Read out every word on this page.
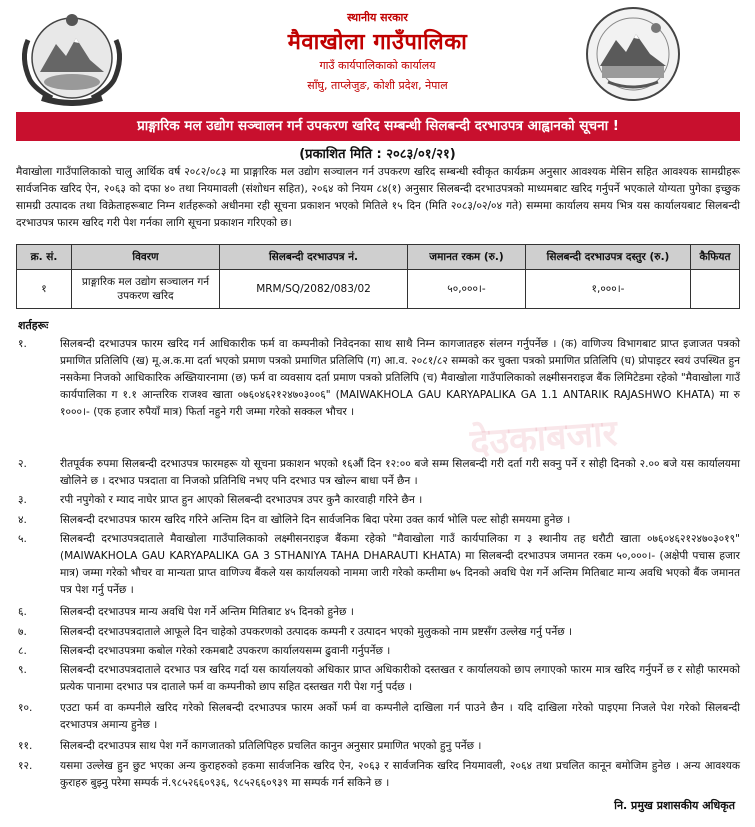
स्थानीय सरकार
मैवाखोला गाउँपालिका
गाउँ कार्यपालिकाको कार्यालय
साँघु, ताप्लेजुङ, कोशी प्रदेश, नेपाल
प्राङ्गारिक मल उद्योग सञ्चालन गर्न उपकरण खरिद सम्बन्धी सिलबन्दी दरभाउपत्र आह्वानको सूचना !
(प्रकाशित मिति : २०८३/०१/२१)
मैवाखोला गाउँपालिकाको चालु आर्थिक वर्ष २०८२/०८३ मा प्राङ्गारिक मल उद्योग सञ्चालन गर्न उपकरण खरिद सम्बन्धी स्वीकृत कार्यक्रम अनुसार आवश्यक मेसिन सहित आवश्यक सामग्रीहरू सार्वजनिक खरिद ऐन, २०६३ को दफा ४० तथा नियमावली (संशोधन सहित), २०६४ को नियम ८४(१) अनुसार सिलबन्दी दरभाउपत्रको माध्यमबाट खरिद गर्नुपर्ने भएकाले योग्यता पुगेका इच्छुक सामग्री उत्पादक तथा विक्रेताहरूबाट निम्न शर्तहरूको अधीनमा रही सूचना प्रकाशन भएको मितिले १५ दिन (मिति २०८३/०२/०४ गते) सम्ममा कार्यालय समय भित्र यस कार्यालयबाट सिलबन्दी दरभाउपत्र फारम खरिद गरी पेश गर्नका लागि सूचना प्रकाशन गरिएको छ।
क्र. सं.	विवरण	सिलबन्दी दरभाउपत्र नं.	जमानत रकम (रु.)	सिलबन्दी दरभाउपत्र दस्तुर (रु.)	कैफियत
१	प्राङ्गारिक मल उद्योग सञ्चालन गर्न उपकरण खरिद	MRM/SQ/2082/083/02	५०,०००।-	१,०००।-	
शर्तहरूः
१.	सिलबन्दी दरभाउपत्र फारम खरिद गर्न आधिकारीक फर्म वा कम्पनीको निवेदनका साथ साथै निम्न कागजातहरु संलग्न गर्नुपर्नेछ । (क) वाणिज्य विभागबाट प्राप्त इजाजत पत्रको प्रमाणित प्रतिलिपि (ख) मू.अ.क.मा दर्ता भएको प्रमाण पत्रको प्रमाणित प्रतिलिपि (ग) आ.व. २०८१/८२ सम्मको कर चुक्ता पत्रको प्रमाणित प्रतिलिपि (घ) प्रोपाइटर स्वयं उपस्थित हुन नसकेमा निजको आधिकारिक अख्तियारनामा (छ) फर्म वा व्यवसाय दर्ता प्रमाण पत्रको प्रतिलिपि (च) मैवाखोला गाउँपालिकाको लक्ष्मीसनराइज बैंक लिमिटेडमा रहेको "मैवाखोला गाउँ कार्यपालिका ग १.१ आन्तरिक राजश्व खाता ०७६०४६२१२४७०३००६" (MAIWAKHOLA GAU KARYAPALIKA GA 1.1 ANTARIK RAJASHWO KHATA) मा रु १०००।- (एक हजार रुपैयाँ मात्र) फिर्ता नहुने गरी जम्मा गरेको सक्कल भौचर ।
२.	रीतपूर्वक रुपमा सिलबन्दी दरभाउपत्र फारमहरू यो सूचना प्रकाशन भएको १६औं दिन १२:०० बजे सम्म सिलबन्दी गरी दर्ता गरी सक्नु पर्ने र सोही दिनको २.०० बजे यस कार्यालयमा खोलिने छ । दरभाउ पत्रदाता वा निजको प्रतिनिधि नभए पनि दरभाउ पत्र खोल्न बाधा पर्ने छैन ।
३.	रपी नपुगेको र म्याद नाघेर प्राप्त हुन आएको सिलबन्दी दरभाउपत्र उपर कुनै कारवाही गरिने छैन ।
४.	सिलबन्दी दरभाउपत्र फारम खरिद गरिने अन्तिम दिन वा खोलिने दिन सार्वजनिक बिदा परेमा उक्त कार्य भोलि पल्ट सोही समयमा हुनेछ ।
५.	सिलबन्दी दरभाउपत्रदाताले मैवाखोला गाउँपालिकाको लक्ष्मीसनराइज बैंकमा रहेको "मैवाखोला गाउँ कार्यपालिका ग ३ स्थानीय तह धरौटी खाता ०७६०४६२१२४७०३०१९" (MAIWAKHOLA GAU KARYAPALIKA GA 3 STHANIYA TAHA DHARAUTI KHATA) मा सिलबन्दी दरभाउपत्र जमानत रकम ५०,०००।- (अक्षेपी पचास हजार मात्र) जम्मा गरेको भौचर वा मान्यता प्राप्त वाणिज्य बैंकले यस कार्यालयको नाममा जारी गरेको कम्तीमा ७५ दिनको अवधि पेश गर्ने अन्तिम मितिबाट मान्य अवधि भएको बैंक जमानत पत्र पेश गर्नु पर्नेछ ।
६.	सिलबन्दी दरभाउपत्र मान्य अवधि पेश गर्ने अन्तिम मितिबाट ४५ दिनको हुनेछ ।
७.	सिलबन्दी दरभाउपत्रदाताले आफूले दिन चाहेको उपकरणको उत्पादक कम्पनी र उत्पादन भएको मुलुकको नाम प्रष्टसँग उल्लेख गर्नु पर्नेछ ।
८.	सिलबन्दी दरभाउपत्रमा कबोल गरेको रकमबाटै उपकरण कार्यालयसम्म ढुवानी गर्नुपर्नेछ ।
९.	सिलबन्दी दरभाउपत्रदाताले दरभाउ पत्र खरिद गर्दा यस कार्यालयको अधिकार प्राप्त अधिकारीको दस्तखत र कार्यालयको छाप लगाएको फारम मात्र खरिद गर्नुपर्ने छ र सोही फारमको प्रत्येक पानामा दरभाउ पत्र दाताले फर्म वा कम्पनीको छाप सहित दस्तखत गरी पेश गर्नु पर्दछ ।
१०.	एउटा फर्म वा कम्पनीले खरिद गरेको सिलबन्दी दरभाउपत्र फारम अर्को फर्म वा कम्पनीले दाखिला गर्न पाउने छैन । यदि दाखिला गरेको पाइएमा निजले पेश गरेको सिलबन्दी दरभाउपत्र अमान्य हुनेछ ।
११.	सिलबन्दी दरभाउपत्र साथ पेश गर्ने कागजातको प्रतिलिपिहरु प्रचलित कानुन अनुसार प्रमाणित भएको हुनु पर्नेछ ।
१२.	यसमा उल्लेख हुन छुट भएका अन्य कुराहरुको हकमा सार्वजनिक खरिद ऐन, २०६३ र सार्वजनिक खरिद नियमावली, २०६४ तथा प्रचलित कानून बमोजिम हुनेछ । अन्य आवश्यक कुराहरु बुझ्नु परेमा सम्पर्क नं.९८५२६६०९३६, ९८५२६६०९३९ मा सम्पर्क गर्न सकिने छ ।
देउकाबजार
नि. प्रमुख प्रशासकीय अधिकृत
